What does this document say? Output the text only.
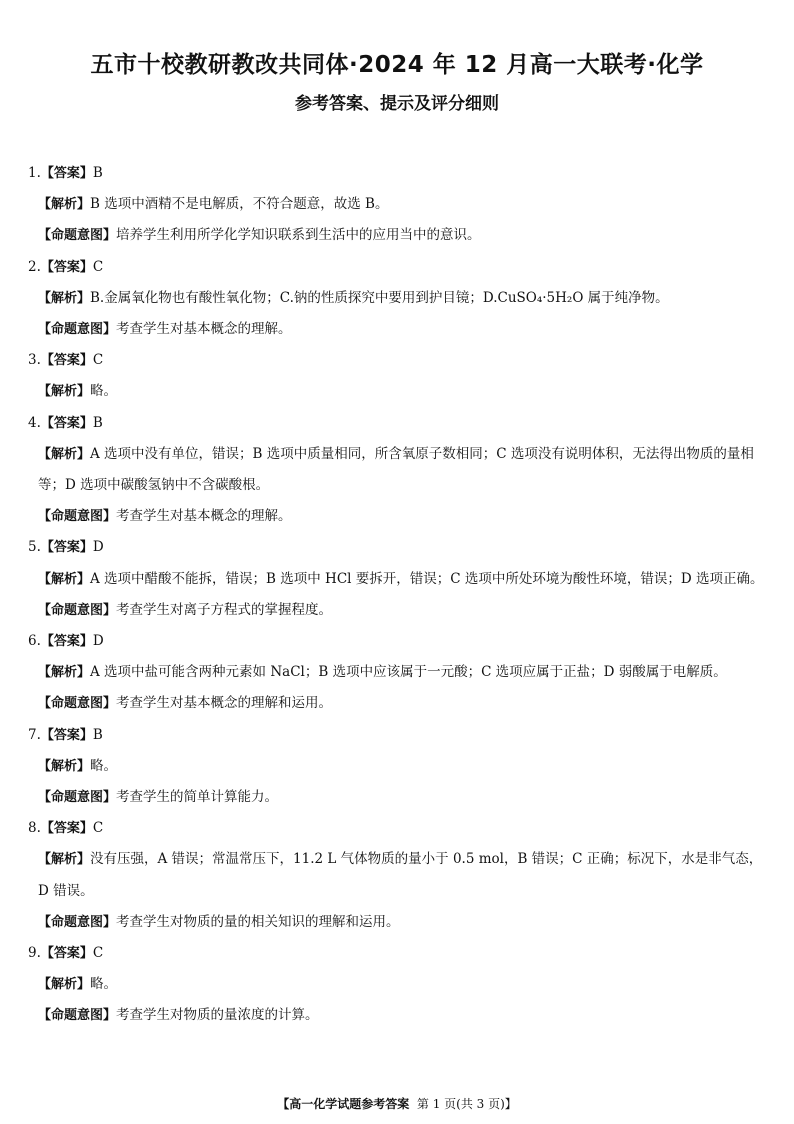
五市十校教研教改共同体·2024 年 12 月高一大联考·化学
参考答案、提示及评分细则
1.【答案】B
【解析】B 选项中酒精不是电解质，不符合题意，故选 B。
【命题意图】培养学生利用所学化学知识联系到生活中的应用当中的意识。
2.【答案】C
【解析】B.金属氧化物也有酸性氧化物；C.钠的性质探究中要用到护目镜；D.CuSO₄·5H₂O 属于纯净物。
【命题意图】考查学生对基本概念的理解。
3.【答案】C
【解析】略。
4.【答案】B
【解析】A 选项中没有单位，错误；B 选项中质量相同，所含氧原子数相同；C 选项没有说明体积，无法得出物质的量相等；D 选项中碳酸氢钠中不含碳酸根。
【命题意图】考查学生对基本概念的理解。
5.【答案】D
【解析】A 选项中醋酸不能拆，错误；B 选项中 HCl 要拆开，错误；C 选项中所处环境为酸性环境，错误；D 选项正确。
【命题意图】考查学生对离子方程式的掌握程度。
6.【答案】D
【解析】A 选项中盐可能含两种元素如 NaCl；B 选项中应该属于一元酸；C 选项应属于正盐；D 弱酸属于电解质。
【命题意图】考查学生对基本概念的理解和运用。
7.【答案】B
【解析】略。
【命题意图】考查学生的简单计算能力。
8.【答案】C
【解析】没有压强，A 错误；常温常压下，11.2 L 气体物质的量小于 0.5 mol，B 错误；C 正确；标况下，水是非气态，D 错误。
【命题意图】考查学生对物质的量的相关知识的理解和运用。
9.【答案】C
【解析】略。
【命题意图】考查学生对物质的量浓度的计算。
【高一化学试题参考答案 第 1 页(共 3 页)】
